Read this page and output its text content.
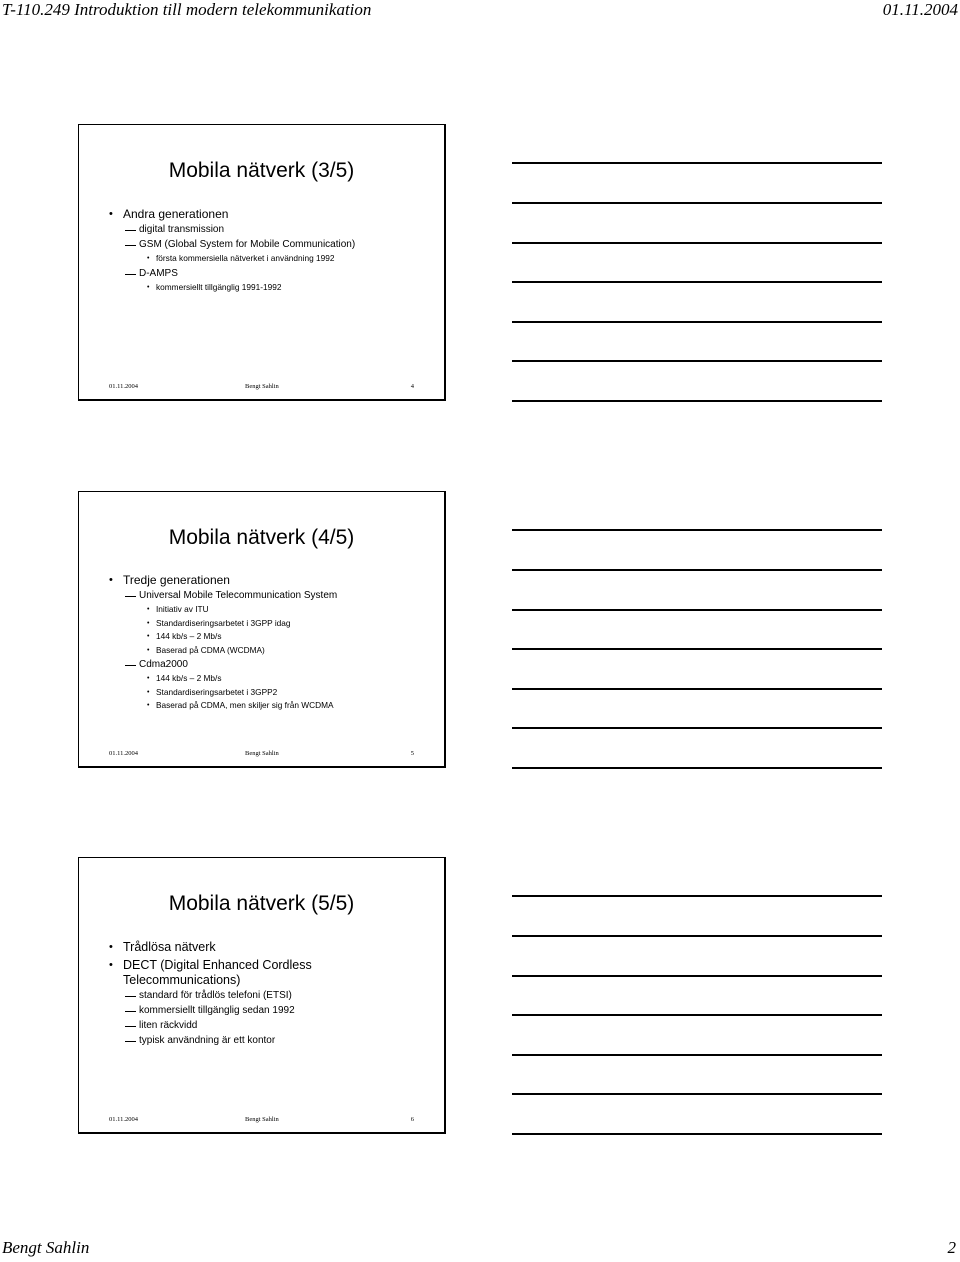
T-110.249 Introduktion till modern telekommunikation	01.11.2004
Mobila nätverk (3/5)
• Andra generationen
digital transmission
GSM (Global System for Mobile Communication)
• första kommersiella nätverket i användning 1992
D-AMPS
• kommersiellt tillgänglig 1991-1992
01.11.2004	Bengt Sahlin	4
Mobila nätverk (4/5)
• Tredje generationen
Universal Mobile Telecommunication System
• Initiativ av ITU
• Standardiseringsarbetet i 3GPP idag
• 144 kb/s – 2 Mb/s
• Baserad på CDMA (WCDMA)
Cdma2000
• 144 kb/s – 2 Mb/s
• Standardiseringsarbetet i 3GPP2
• Baserad på CDMA, men skiljer sig från WCDMA
01.11.2004	Bengt Sahlin	5
Mobila nätverk (5/5)
• Trådlösa nätverk
• DECT (Digital Enhanced Cordless Telecommunications)
standard för trådlös telefoni (ETSI)
kommersiellt tillgänglig sedan 1992
liten räckvidd
typisk användning är ett kontor
01.11.2004	Bengt Sahlin	6
Bengt Sahlin	2
